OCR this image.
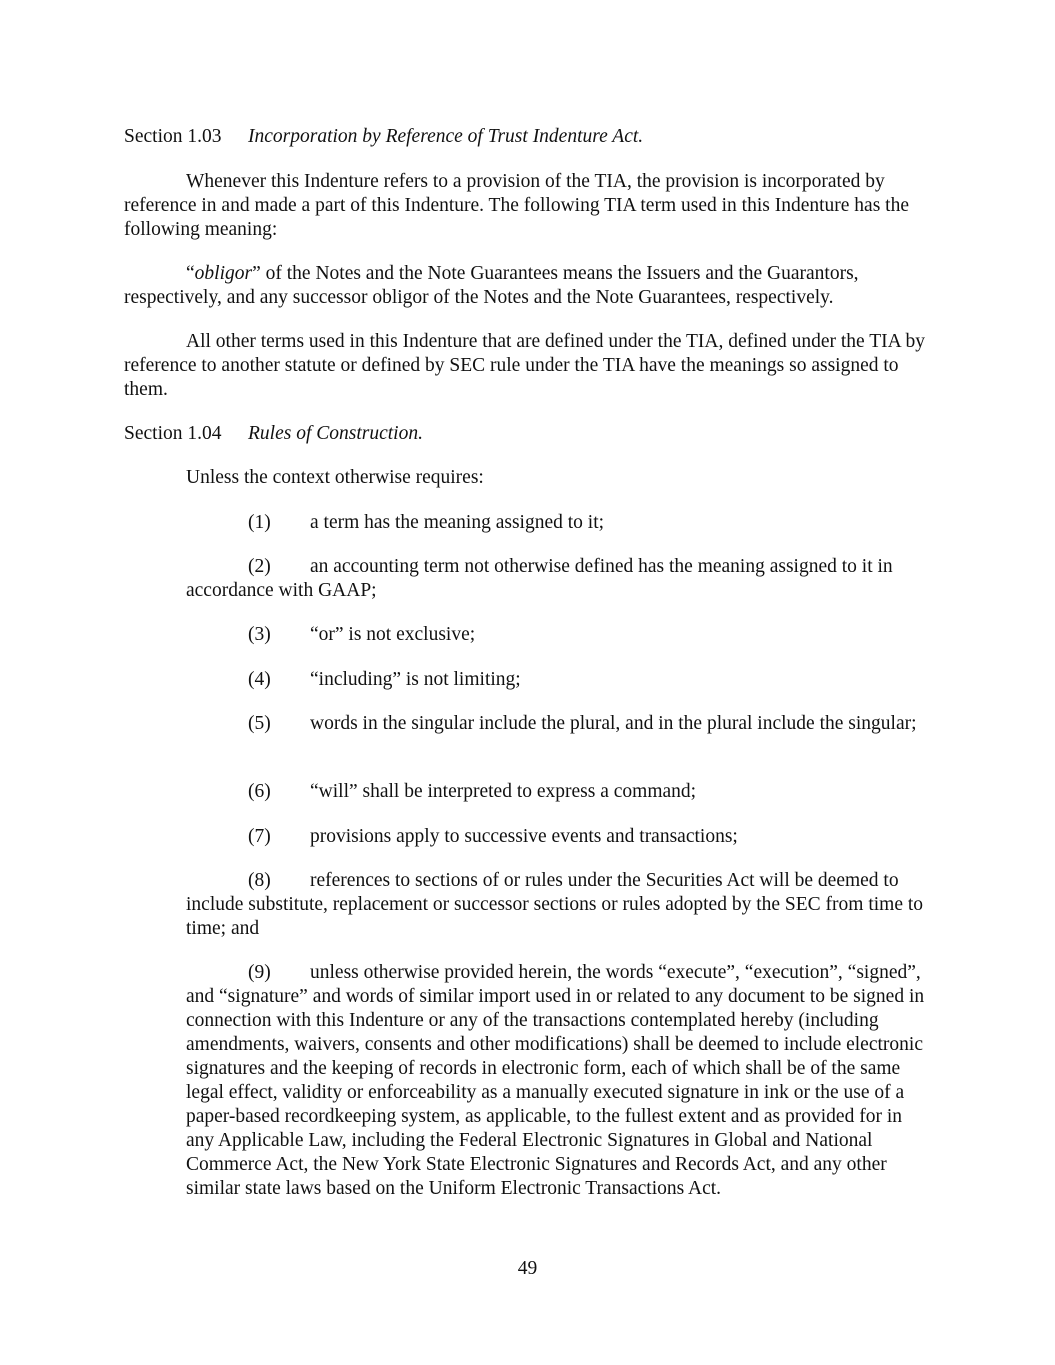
Section 1.03 Incorporation by Reference of Trust Indenture Act.

Whenever this Indenture refers to a provision of the TIA, the provision is incorporated by reference in and made a part of this Indenture. The following TIA term used in this Indenture has the following meaning:

“obligor” of the Notes and the Note Guarantees means the Issuers and the Guarantors, respectively, and any successor obligor of the Notes and the Note Guarantees, respectively.

All other terms used in this Indenture that are defined under the TIA, defined under the TIA by reference to another statute or defined by SEC rule under the TIA have the meanings so assigned to them.

Section 1.04 Rules of Construction.

Unless the context otherwise requires:

(1) a term has the meaning assigned to it;

(2) an accounting term not otherwise defined has the meaning assigned to it in accordance with GAAP;

(3) “or” is not exclusive;

(4) “including” is not limiting;

(5) words in the singular include the plural, and in the plural include the singular;

(6) “will” shall be interpreted to express a command;

(7) provisions apply to successive events and transactions;

(8) references to sections of or rules under the Securities Act will be deemed to include substitute, replacement or successor sections or rules adopted by the SEC from time to time; and

(9) unless otherwise provided herein, the words “execute”, “execution”, “signed”, and “signature” and words of similar import used in or related to any document to be signed in connection with this Indenture or any of the transactions contemplated hereby (including amendments, waivers, consents and other modifications) shall be deemed to include electronic signatures and the keeping of records in electronic form, each of which shall be of the same legal effect, validity or enforceability as a manually executed signature in ink or the use of a paper-based recordkeeping system, as applicable, to the fullest extent and as provided for in any Applicable Law, including the Federal Electronic Signatures in Global and National Commerce Act, the New York State Electronic Signatures and Records Act, and any other similar state laws based on the Uniform Electronic Transactions Act.

49
